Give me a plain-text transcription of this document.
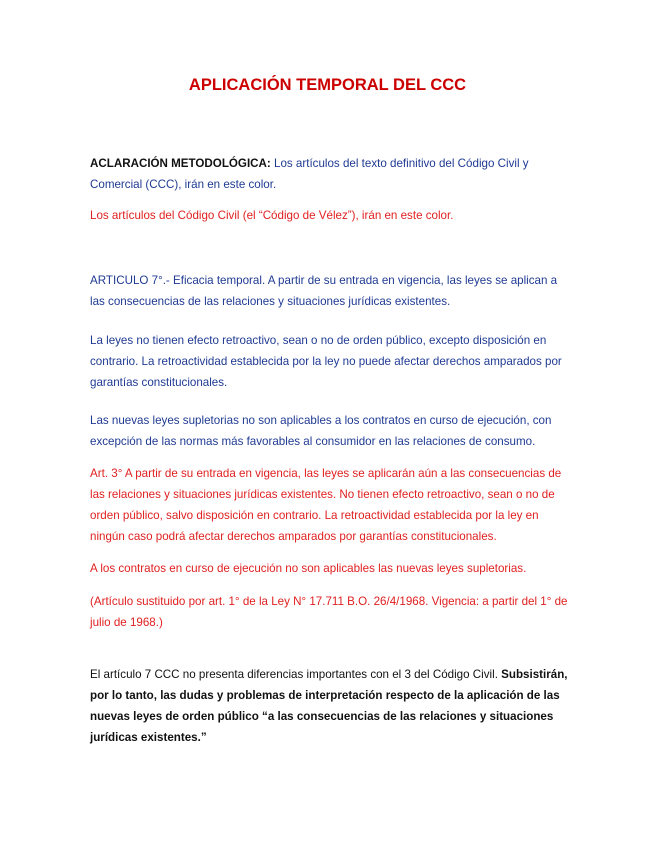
APLICACIÓN TEMPORAL DEL CCC

ACLARACIÓN METODOLÓGICA: Los artículos del texto definitivo del Código Civil y Comercial (CCC), irán en este color.

Los artículos del Código Civil (el “Código de Vélez”), irán en este color.

ARTICULO 7°.- Eficacia temporal. A partir de su entrada en vigencia, las leyes se aplican a las consecuencias de las relaciones y situaciones jurídicas existentes.

La leyes no tienen efecto retroactivo, sean o no de orden público, excepto disposición en contrario. La retroactividad establecida por la ley no puede afectar derechos amparados por garantías constitucionales.

Las nuevas leyes supletorias no son aplicables a los contratos en curso de ejecución, con excepción de las normas más favorables al consumidor en las relaciones de consumo.

Art. 3° A partir de su entrada en vigencia, las leyes se aplicarán aún a las consecuencias de las relaciones y situaciones jurídicas existentes. No tienen efecto retroactivo, sean o no de orden público, salvo disposición en contrario. La retroactividad establecida por la ley en ningún caso podrá afectar derechos amparados por garantías constitucionales.

A los contratos en curso de ejecución no son aplicables las nuevas leyes supletorias.

(Artículo sustituido por art. 1° de la Ley N° 17.711 B.O. 26/4/1968. Vigencia: a partir del 1° de julio de 1968.)

El artículo 7 CCC no presenta diferencias importantes con el 3 del Código Civil. Subsistirán, por lo tanto, las dudas y problemas de interpretación respecto de la aplicación de las nuevas leyes de orden público “a las consecuencias de las relaciones y situaciones jurídicas existentes.”
